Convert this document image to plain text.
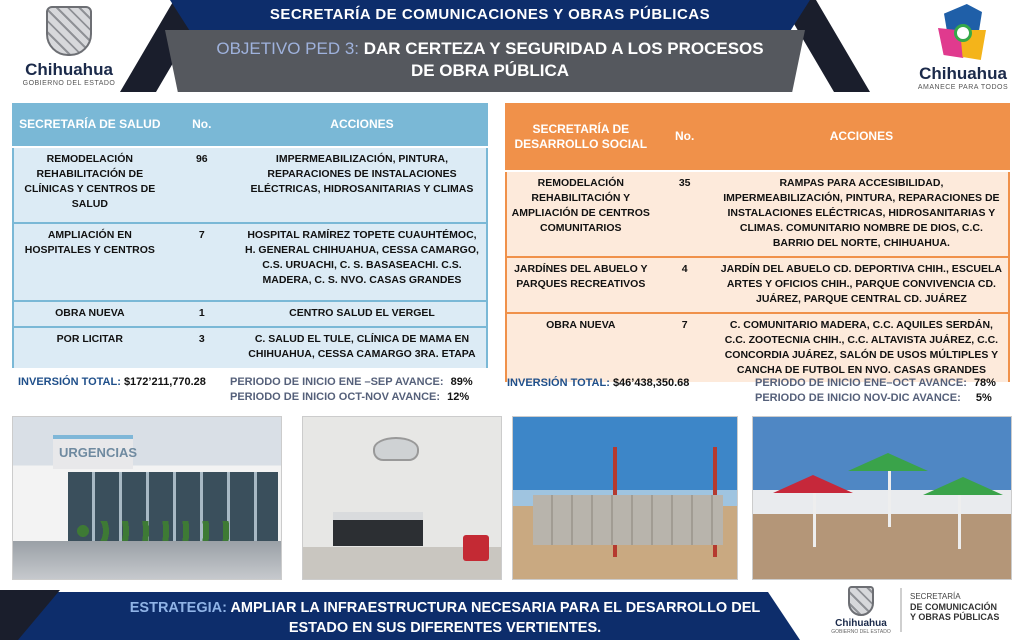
SECRETARÍA DE COMUNICACIONES Y OBRAS PÚBLICAS
OBJETIVO PED 3: DAR CERTEZA Y SEGURIDAD A LOS PROCESOS
DE OBRA PÚBLICA
Chihuahua
GOBIERNO DEL ESTADO
Chihuahua
AMANECE PARA TODOS
SECRETARÍA DE SALUD	No.	ACCIONES
REMODELACIÓN REHABILITACIÓN DE CLÍNICAS Y CENTROS DE SALUD	96	IMPERMEABILIZACIÓN, PINTURA, REPARACIONES DE INSTALACIONES ELÉCTRICAS, HIDROSANITARIAS Y CLIMAS
AMPLIACIÓN EN HOSPITALES Y CENTROS	7	HOSPITAL RAMÍREZ TOPETE CUAUHTÉMOC, H. GENERAL CHIHUAHUA, CESSA CAMARGO, C.S. URUACHI, C. S. BASASEACHI. C.S. MADERA, C. S. NVO. CASAS GRANDES
OBRA NUEVA	1	CENTRO SALUD EL VERGEL
POR LICITAR	3	C. SALUD EL TULE, CLÍNICA DE MAMA EN CHIHUAHUA, CESSA CAMARGO 3RA. ETAPA
INVERSIÓN TOTAL: $172’211,770.28 PERIODO DE INICIO ENE –SEP AVANCE: 89%
PERIODO DE INICIO OCT-NOV AVANCE: 12%
SECRETARÍA DE DESARROLLO SOCIAL	No.	ACCIONES
REMODELACIÓN REHABILITACIÓN Y AMPLIACIÓN DE CENTROS COMUNITARIOS	35	RAMPAS PARA ACCESIBILIDAD, IMPERMEABILIZACIÓN, PINTURA, REPARACIONES DE INSTALACIONES ELÉCTRICAS, HIDROSANITARIAS Y CLIMAS. COMUNITARIO NOMBRE DE DIOS, C.C. BARRIO DEL NORTE, CHIHUAHUA.
JARDÍNES DEL ABUELO Y PARQUES RECREATIVOS	4	JARDÍN DEL ABUELO CD. DEPORTIVA CHIH., ESCUELA ARTES Y OFICIOS CHIH., PARQUE CONVIVENCIA CD. JUÁREZ, PARQUE CENTRAL CD. JUÁREZ
OBRA NUEVA	7	C. COMUNITARIO MADERA, C.C. AQUILES SERDÁN, C.C. ZOOTECNIA CHIH., C.C. ALTAVISTA JUÁREZ, C.C. CONCORDIA JUÁREZ, SALÓN DE USOS MÚLTIPLES Y CANCHA DE FUTBOL EN NVO. CASAS GRANDES
INVERSIÓN TOTAL: $46’438,350.68	PERIODO DE INICIO ENE–OCT AVANCE: 78%
PERIODO DE INICIO NOV-DIC AVANCE: 5%
URGENCIAS
ESTRATEGIA: AMPLIAR LA INFRAESTRUCTURA NECESARIA PARA EL DESARROLLO DEL
ESTADO EN SUS DIFERENTES VERTIENTES.	Chihuahua
GOBIERNO DEL ESTADO
SECRETARÍA
DE COMUNICACIÓN
Y OBRAS PÚBLICAS
